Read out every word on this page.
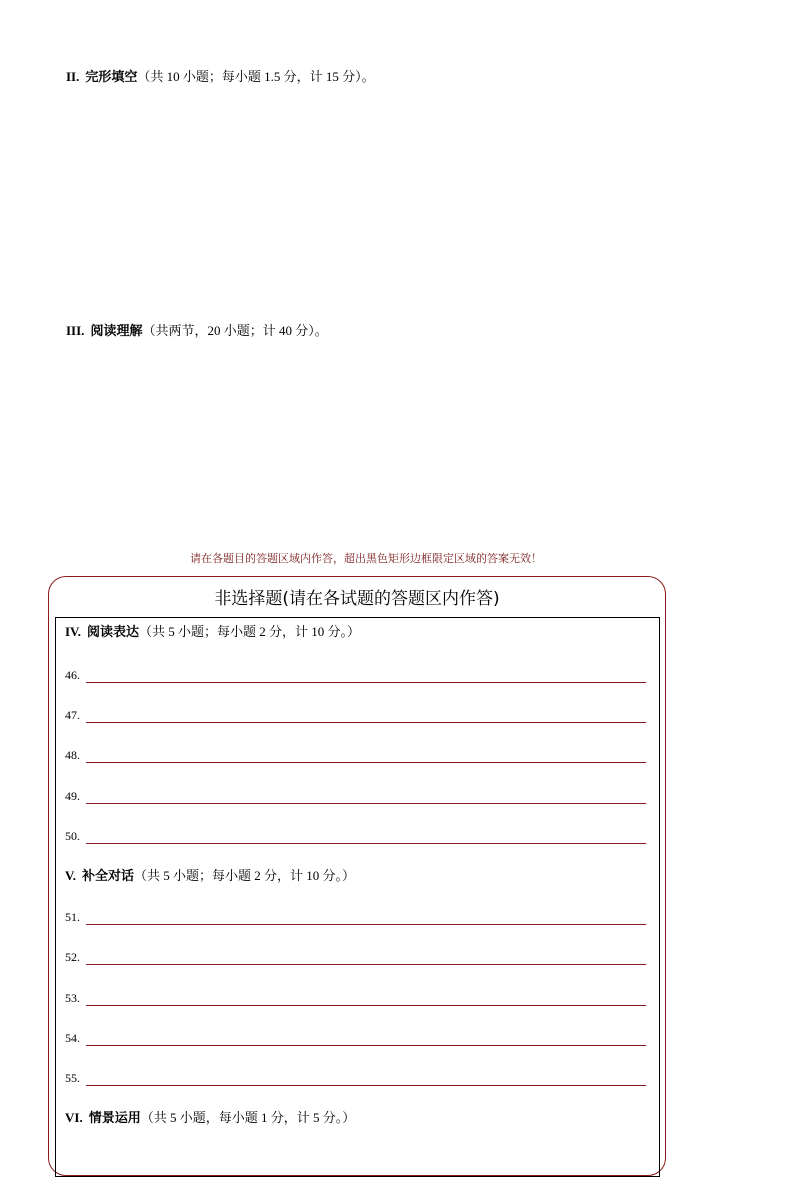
II. 完形填空（共 10 小题；每小题 1.5 分，计 15 分）。
III. 阅读理解（共两节，20 小题；计 40 分）。
请在各题目的答题区域内作答，超出黑色矩形边框限定区域的答案无效！
非选择题(请在各试题的答题区内作答)
IV. 阅读表达（共 5 小题；每小题 2 分，计 10 分。）
46.
47.
48.
49.
50.
V. 补全对话（共 5 小题；每小题 2 分，计 10 分。）
51.
52.
53.
54.
55.
VI. 情景运用（共 5 小题，每小题 1 分，计 5 分。）
